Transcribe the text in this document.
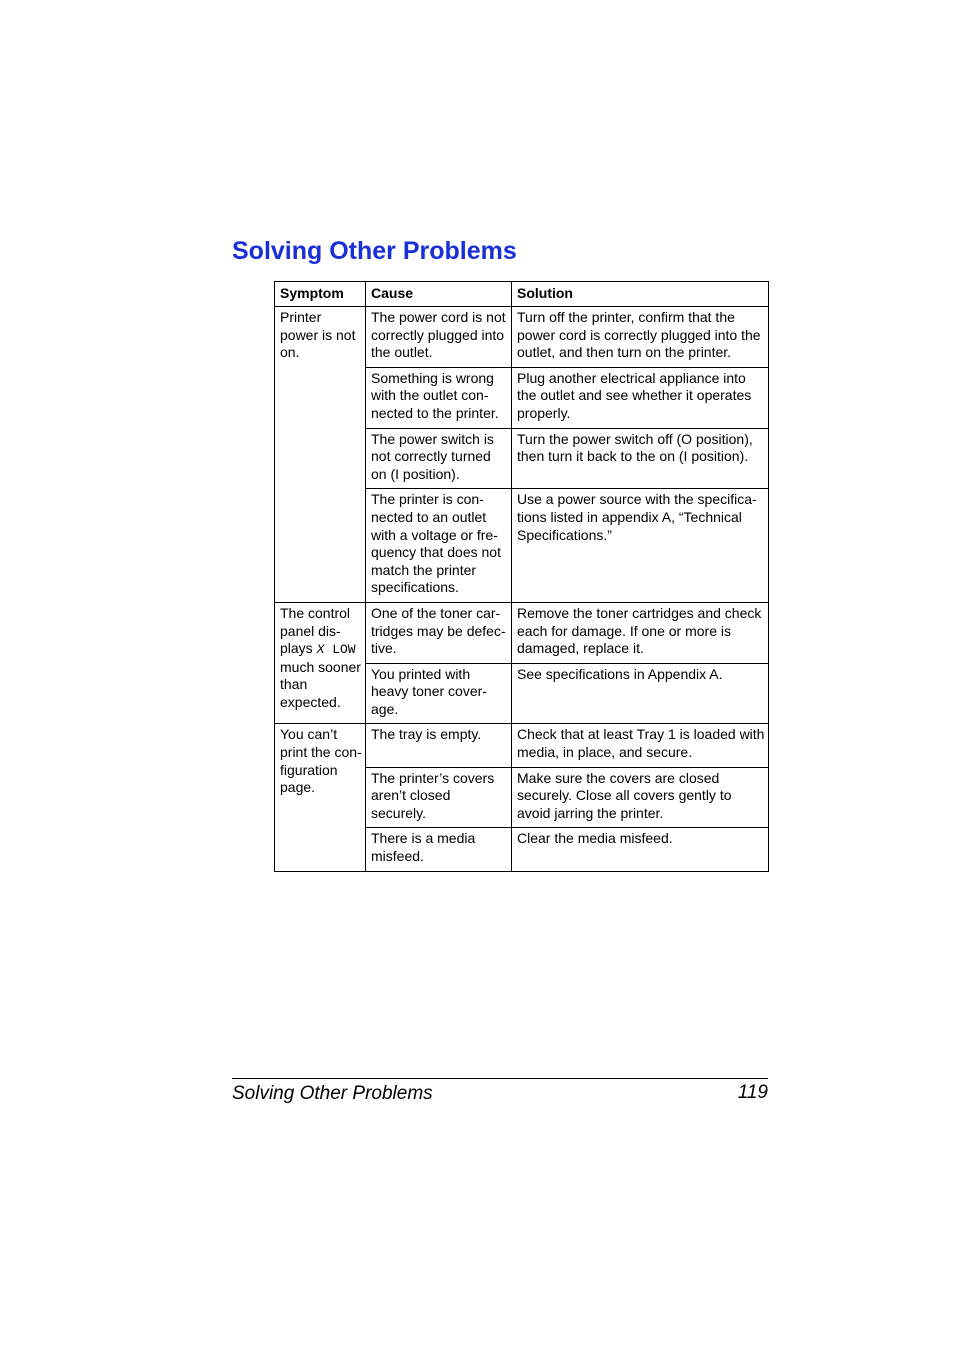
Solving Other Problems
Symptom	Cause	Solution
Printer power is not on.	The power cord is not correctly plugged into the outlet.	Turn off the printer, confirm that the power cord is correctly plugged into the outlet, and then turn on the printer.
	Something is wrong with the outlet con-nected to the printer.	Plug another electrical appliance into the outlet and see whether it operates properly.
	The power switch is not correctly turned on (I position).	Turn the power switch off (O position), then turn it back to the on (I position).
	The printer is con-nected to an outlet with a voltage or fre-quency that does not match the printer specifications.	Use a power source with the specifica-tions listed in appendix A, “Technical Specifications.”
The control panel dis-plays X LOW much sooner than expected.	One of the toner car-tridges may be defec-tive.	Remove the toner cartridges and check each for damage. If one or more is damaged, replace it.
	You printed with heavy toner cover-age.	See specifications in Appendix A.
You can’t print the con-figuration page.	The tray is empty.	Check that at least Tray 1 is loaded with media, in place, and secure.
	The printer’s covers aren’t closed securely.	Make sure the covers are closed securely. Close all covers gently to avoid jarring the printer.
	There is a media misfeed.	Clear the media misfeed.
Solving Other Problems	119
